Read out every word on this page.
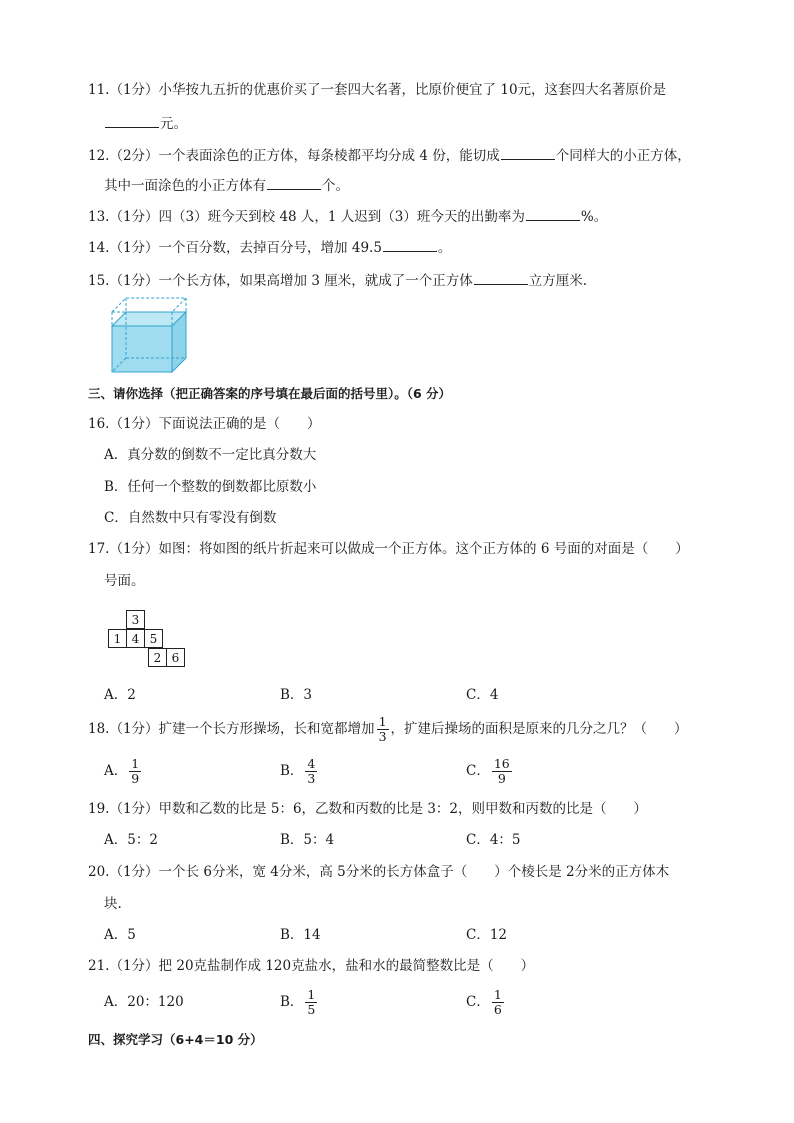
11.（1分）小华按九五折的优惠价买了一套四大名著，比原价便宜了 10元，这套四大名著原价是
元。
12.（2分）一个表面涂色的正方体，每条棱都平均分成 4 份，能切成	个同样大的小正方体，
其中一面涂色的小正方体有	个。
13.（1分）四（3）班今天到校 48 人，1 人迟到（3）班今天的出勤率为	%。
14.（1分）一个百分数，去掉百分号，增加 49.5	。
15.（1分）一个长方体，如果高增加 3 厘米，就成了一个正方体	立方厘米.
三、请你选择（把正确答案的序号填在最后面的括号里）。（6 分）
16.（1分）下面说法正确的是（　　）
A．真分数的倒数不一定比真分数大
B．任何一个整数的倒数都比原数小
C．自然数中只有零没有倒数
17.（1分）如图：将如图的纸片折起来可以做成一个正方体。这个正方体的 6 号面的对面是（　　）
号面。
3
1 4 5
2 6
A．2	B．3	C．4
18.（1分）扩建一个长方形操场，长和宽都增加 $\frac{1}{3}$ ，扩建后操场的面积是原来的几分之几？（　　）
A． $\frac{1}{9}$	B． $\frac{4}{3}$	C． $\frac{16}{9}$
19.（1分）甲数和乙数的比是 5：6，乙数和丙数的比是 3：2，则甲数和丙数的比是（　　）
A．5：2	B．5：4	C．4：5
20.（1分）一个长 6分米，宽 4分米，高 5分米的长方体盒子（　　）个棱长是 2分米的正方体木
块.
A．5	B．14	C．12
21.（1分）把 20克盐制作成 120克盐水，盐和水的最简整数比是（　　）
A．20：120	B． $\frac{1}{5}$	C． $\frac{1}{6}$
四、探究学习（6+4＝10 分）
